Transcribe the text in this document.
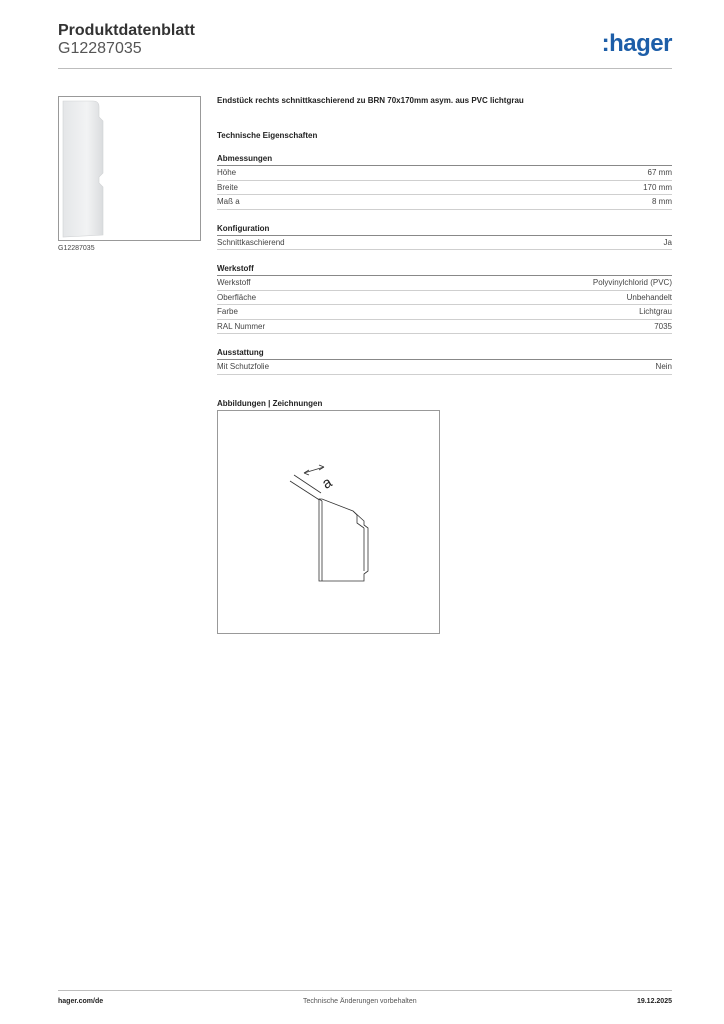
Produktdatenblatt
G12287035	:hager
G12287035
Endstück rechts schnittkaschierend zu BRN 70x170mm asym. aus PVC lichtgrau
Technische Eigenschaften
Abmessungen
Höhe	67 mm
Breite	170 mm
Maß a	8 mm
Konfiguration
Schnittkaschierend	Ja
Werkstoff
Werkstoff	Polyvinylchlorid (PVC)
Oberfläche	Unbehandelt
Farbe	Lichtgrau
RAL Nummer	7035
Ausstattung
Mit Schutzfolie	Nein
Abbildungen | Zeichnungen
a
hager.com/de	Technische Änderungen vorbehalten	19.12.2025
